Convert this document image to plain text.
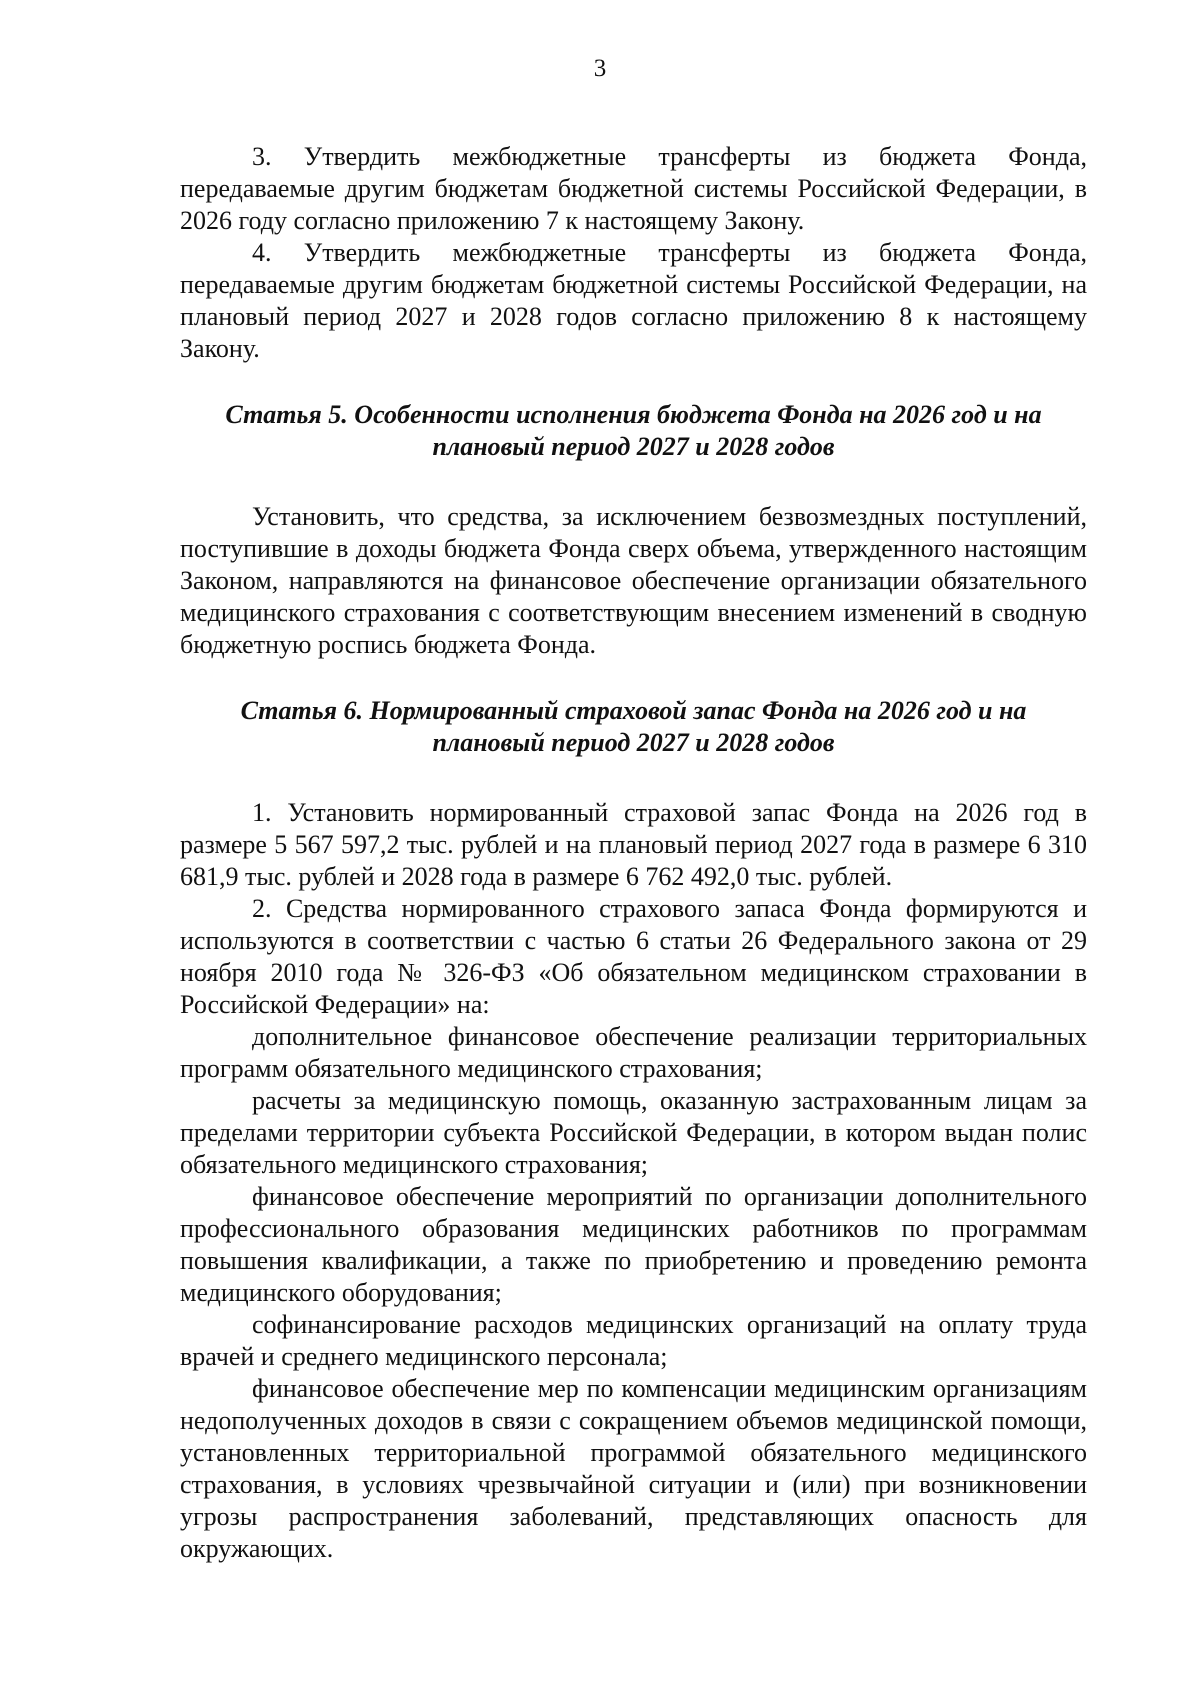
3

3. Утвердить межбюджетные трансферты из бюджета Фонда, передаваемые другим бюджетам бюджетной системы Российской Федерации, в 2026 году согласно приложению 7 к настоящему Закону.

4. Утвердить межбюджетные трансферты из бюджета Фонда, передаваемые другим бюджетам бюджетной системы Российской Федерации, на плановый период 2027 и 2028 годов согласно приложению 8 к настоящему Закону.

Статья 5. Особенности исполнения бюджета Фонда на 2026 год и на
плановый период 2027 и 2028 годов

Установить, что средства, за исключением безвозмездных поступлений, поступившие в доходы бюджета Фонда сверх объема, утвержденного настоящим Законом, направляются на финансовое обеспечение организации обязательного медицинского страхования с соответствующим внесением изменений в сводную бюджетную роспись бюджета Фонда.

Статья 6. Нормированный страховой запас Фонда на 2026 год и на
плановый период 2027 и 2028 годов

1. Установить нормированный страховой запас Фонда на 2026 год в размере 5 567 597,2 тыс. рублей и на плановый период 2027 года в размере 6 310 681,9 тыс. рублей и 2028 года в размере 6 762 492,0 тыс. рублей.

2. Средства нормированного страхового запаса Фонда формируются и используются в соответствии с частью 6 статьи 26 Федерального закона от 29 ноября 2010 года № 326-ФЗ «Об обязательном медицинском страховании в Российской Федерации» на:

дополнительное финансовое обеспечение реализации территориальных программ обязательного медицинского страхования;

расчеты за медицинскую помощь, оказанную застрахованным лицам за пределами территории субъекта Российской Федерации, в котором выдан полис обязательного медицинского страхования;

финансовое обеспечение мероприятий по организации дополнительного профессионального образования медицинских работников по программам повышения квалификации, а также по приобретению и проведению ремонта медицинского оборудования;

софинансирование расходов медицинских организаций на оплату труда врачей и среднего медицинского персонала;

финансовое обеспечение мер по компенсации медицинским организациям недополученных доходов в связи с сокращением объемов медицинской помощи, установленных территориальной программой обязательного медицинского страхования, в условиях чрезвычайной ситуации и (или) при возникновении угрозы распространения заболеваний, представляющих опасность для окружающих.
